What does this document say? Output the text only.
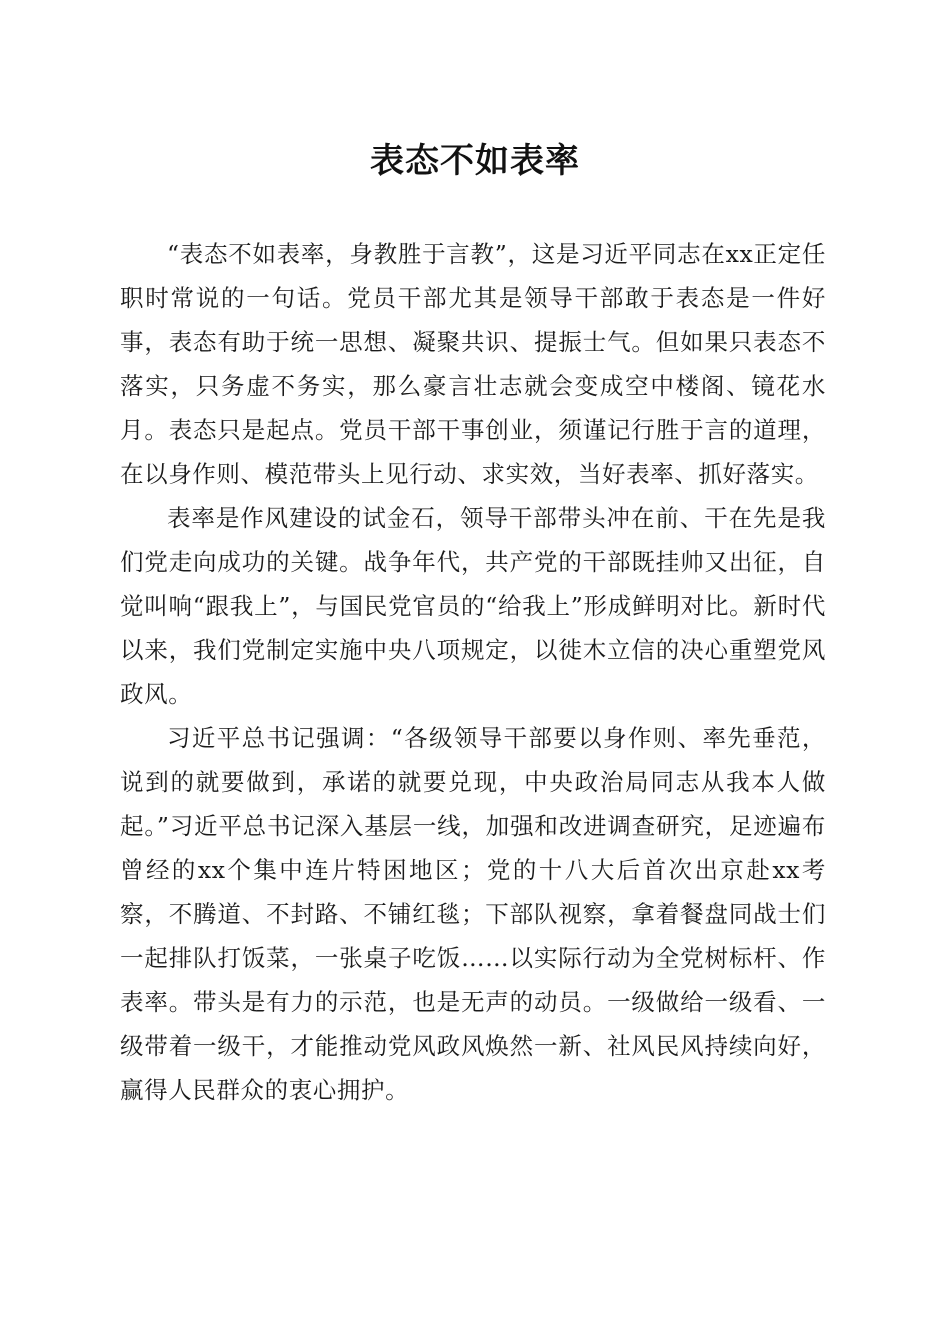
表态不如表率

“表态不如表率，身教胜于言教”，这是习近平同志在xx正定任职时常说的一句话。党员干部尤其是领导干部敢于表态是一件好事，表态有助于统一思想、凝聚共识、提振士气。但如果只表态不落实，只务虚不务实，那么豪言壮志就会变成空中楼阁、镜花水月。表态只是起点。党员干部干事创业，须谨记行胜于言的道理，在以身作则、模范带头上见行动、求实效，当好表率、抓好落实。

表率是作风建设的试金石，领导干部带头冲在前、干在先是我们党走向成功的关键。战争年代，共产党的干部既挂帅又出征，自觉叫响“跟我上”，与国民党官员的“给我上”形成鲜明对比。新时代以来，我们党制定实施中央八项规定，以徙木立信的决心重塑党风政风。

习近平总书记强调：“各级领导干部要以身作则、率先垂范，说到的就要做到，承诺的就要兑现，中央政治局同志从我本人做起。”习近平总书记深入基层一线，加强和改进调查研究，足迹遍布曾经的xx个集中连片特困地区；党的十八大后首次出京赴xx考察，不腾道、不封路、不铺红毯；下部队视察，拿着餐盘同战士们一起排队打饭菜，一张桌子吃饭……以实际行动为全党树标杆、作表率。带头是有力的示范，也是无声的动员。一级做给一级看、一级带着一级干，才能推动党风政风焕然一新、社风民风持续向好，赢得人民群众的衷心拥护。
